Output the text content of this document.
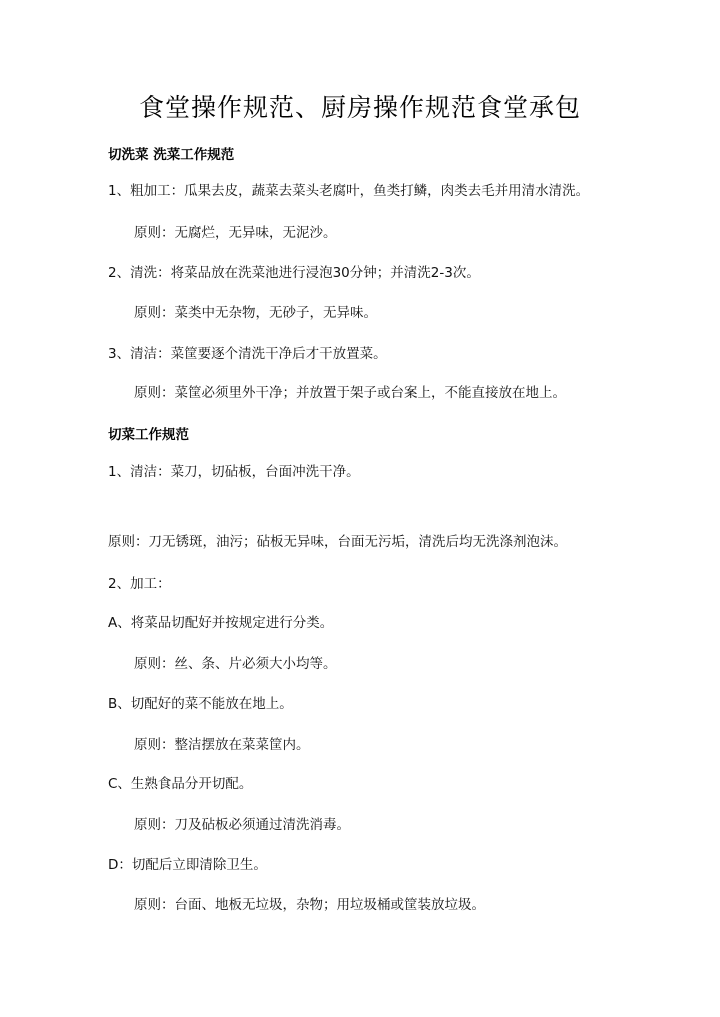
食堂操作规范、厨房操作规范食堂承包
切洗菜 洗菜工作规范
1、粗加工：瓜果去皮，蔬菜去菜头老腐叶，鱼类打鳞，肉类去毛并用清水清洗。
原则：无腐烂，无异味，无泥沙。
2、清洗：将菜品放在洗菜池进行浸泡30分钟；并清洗2-3次。
原则：菜类中无杂物，无砂子，无异味。
3、清洁：菜筐要逐个清洗干净后才干放置菜。
原则：菜筐必须里外干净；并放置于架子或台案上，不能直接放在地上。
切菜工作规范
1、清洁：菜刀，切砧板，台面冲洗干净。
原则：刀无锈斑，油污；砧板无异味，台面无污垢，清洗后均无洗涤剂泡沫。
2、加工：
A、将菜品切配好并按规定进行分类。
原则：丝、条、片必须大小均等。
B、切配好的菜不能放在地上。
原则：整洁摆放在菜菜筐内。
C、生熟食品分开切配。
原则：刀及砧板必须通过清洗消毒。
D：切配后立即清除卫生。
原则：台面、地板无垃圾，杂物；用垃圾桶或筐装放垃圾。
